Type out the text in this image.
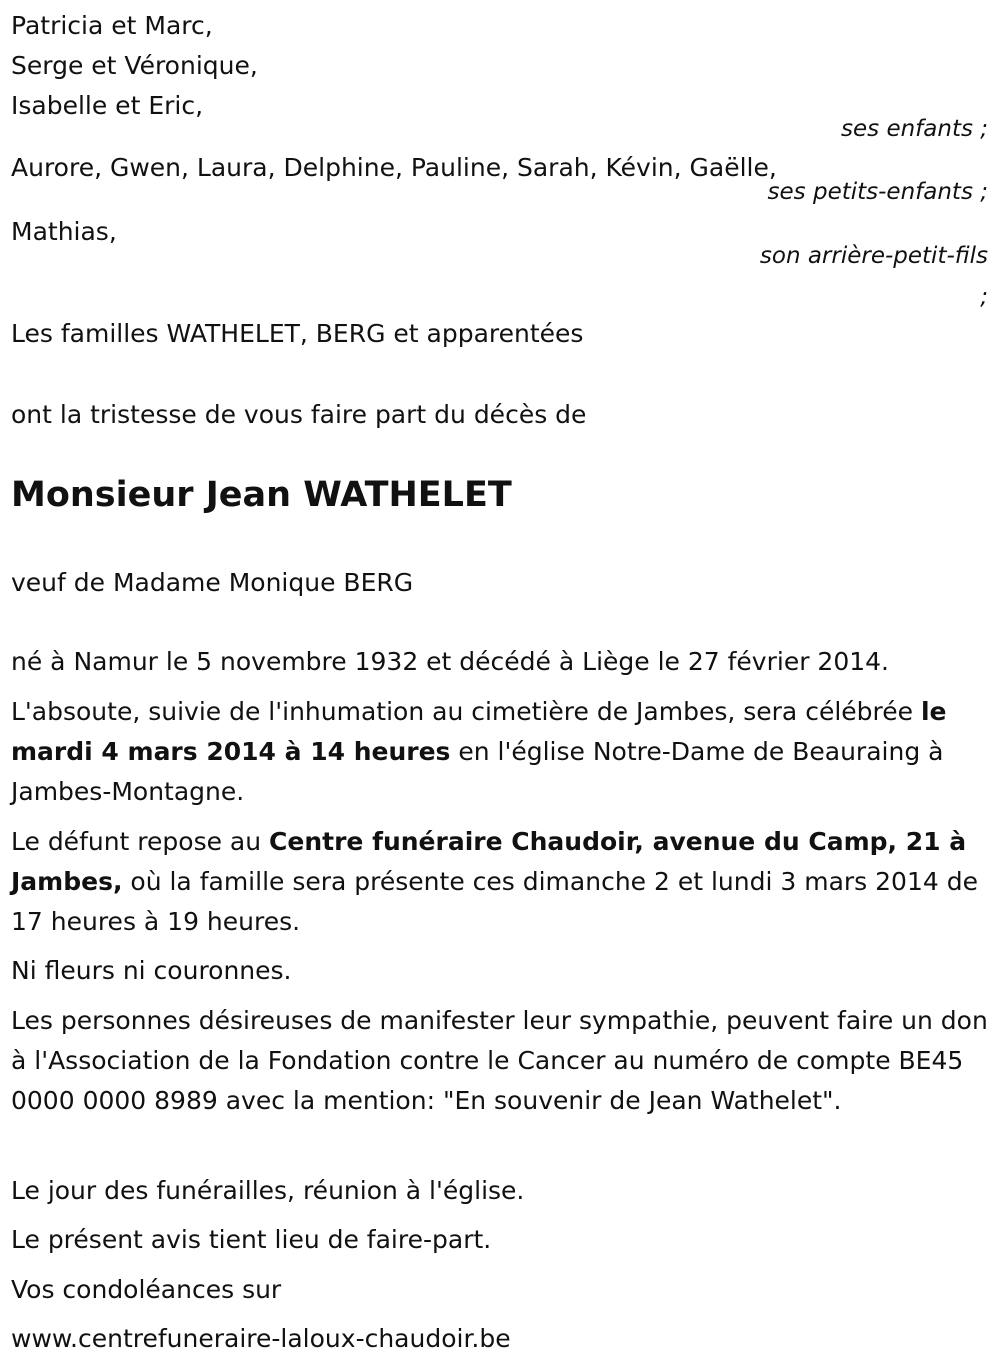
Patricia et Marc,
Serge et Véronique,
Isabelle et Eric,
ses enfants ;
Aurore, Gwen, Laura, Delphine, Pauline, Sarah, Kévin, Gaëlle,
ses petits-enfants ;
Mathias,
son arrière-petit-fils
;
Les familles WATHELET, BERG et apparentées
ont la tristesse de vous faire part du décès de
Monsieur Jean WATHELET
veuf de Madame Monique BERG
né à Namur le 5 novembre 1932 et décédé à Liège le 27 février 2014.
L'absoute, suivie de l'inhumation au cimetière de Jambes, sera célébrée le mardi 4 mars 2014 à 14 heures en l'église Notre-Dame de Beauraing à Jambes-Montagne.
Le défunt repose au Centre funéraire Chaudoir, avenue du Camp, 21 à Jambes, où la famille sera présente ces dimanche 2 et lundi 3 mars 2014 de 17 heures à 19 heures.
Ni fleurs ni couronnes.
Les personnes désireuses de manifester leur sympathie, peuvent faire un don à l'Association de la Fondation contre le Cancer au numéro de compte BE45 0000 0000 8989 avec la mention: "En souvenir de Jean Wathelet".
Le jour des funérailles, réunion à l'église.
Le présent avis tient lieu de faire-part.
Vos condoléances sur
www.centrefuneraire-laloux-chaudoir.be
